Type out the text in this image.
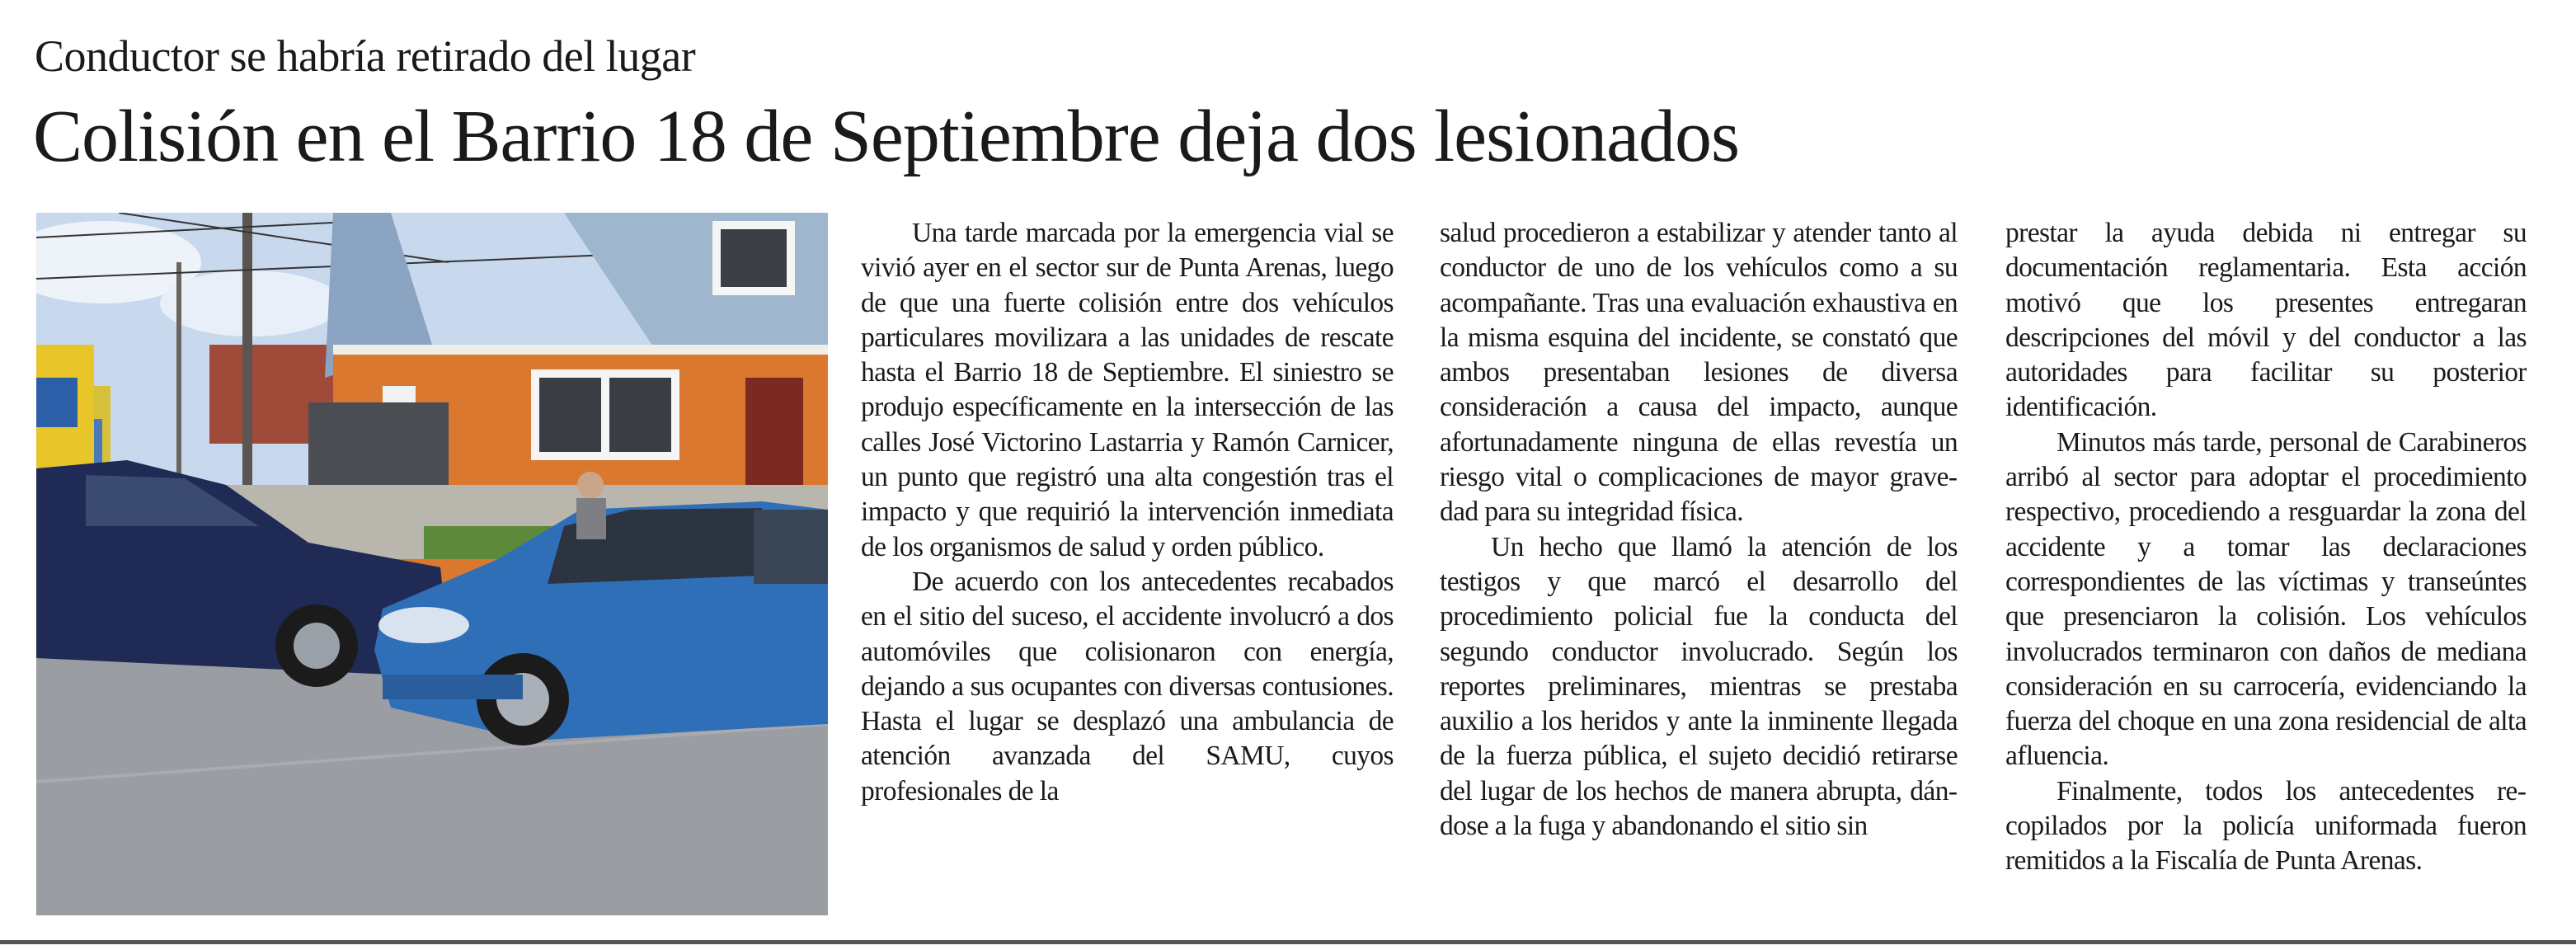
Conductor se habría retirado del lugar
Colisión en el Barrio 18 de Septiembre deja dos lesionados

Una tarde marcada por la emergencia vial se vivió ayer en el sector sur de Punta Arenas, luego de que una fuerte colisión entre dos vehículos particulares movilizara a las unidades de rescate hasta el Barrio 18 de Septiembre. El siniestro se produjo específicamente en la intersección de las calles José Victorino Lastarria y Ramón Carnicer, un punto que registró una alta congestión tras el impacto y que requirió la intervención inmediata de los organismos de salud y orden público.

De acuerdo con los antecedentes recabados en el sitio del suceso, el accidente involucró a dos automóviles que colisionaron con energía, dejando a sus ocupantes con diversas contusiones. Hasta el lugar se desplazó una ambulancia de atención avanzada del SAMU, cuyos profesionales de la

salud procedieron a estabilizar y atender tanto al conductor de uno de los vehículos como a su acompañante. Tras una evaluación exhaustiva en la misma esquina del incidente, se constató que ambos presentaban lesiones de diversa consideración a causa del impacto, aunque afortunadamente ninguna de ellas revestía un riesgo vital o complicaciones de mayor gravedad para su integridad física.

Un hecho que llamó la atención de los testigos y que marcó el desarrollo del procedimiento policial fue la conducta del segundo conductor involucrado. Según los reportes preliminares, mientras se prestaba auxilio a los heridos y ante la inminente llegada de la fuerza pública, el sujeto decidió retirarse del lugar de los hechos de manera abrupta, dándose a la fuga y abandonando el sitio sin

prestar la ayuda debida ni entregar su documentación reglamentaria. Esta acción motivó que los presentes entregaran descripciones del móvil y del conductor a las autoridades para facilitar su posterior identificación.

Minutos más tarde, personal de Carabineros arribó al sector para adoptar el procedimiento respectivo, procediendo a resguardar la zona del accidente y a tomar las declaraciones correspondientes de las víctimas y transeúntes que presenciaron la colisión. Los vehículos involucrados terminaron con daños de mediana consideración en su carrocería, evidenciando la fuerza del choque en una zona residencial de alta afluencia.

Finalmente, todos los antecedentes recopilados por la policía uniformada fueron remitidos a la Fiscalía de Punta Arenas.
